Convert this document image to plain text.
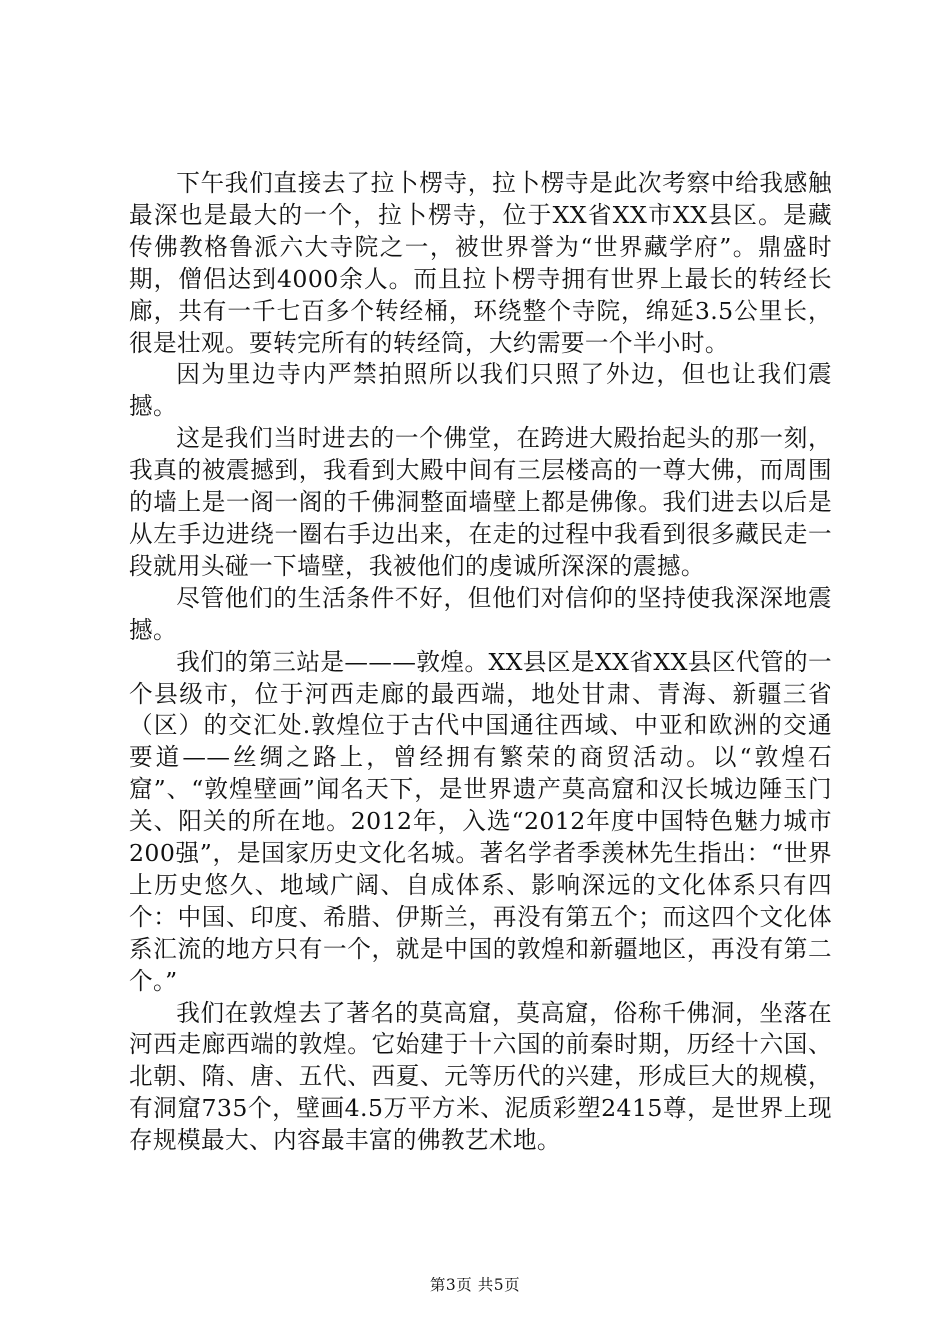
下午我们直接去了拉卜楞寺，拉卜楞寺是此次考察中给我感触最深也是最大的一个，拉卜楞寺，位于XX省XX市XX县区。是藏传佛教格鲁派六大寺院之一，被世界誉为“世界藏学府”。鼎盛时期，僧侣达到4000余人。而且拉卜楞寺拥有世界上最长的转经长廊，共有一千七百多个转经桶，环绕整个寺院，绵延3.5公里长，很是壮观。要转完所有的转经筒，大约需要一个半小时。

因为里边寺内严禁拍照所以我们只照了外边，但也让我们震撼。

这是我们当时进去的一个佛堂，在跨进大殿抬起头的那一刻，我真的被震撼到，我看到大殿中间有三层楼高的一尊大佛，而周围的墙上是一阁一阁的千佛洞整面墙壁上都是佛像。我们进去以后是从左手边进绕一圈右手边出来，在走的过程中我看到很多藏民走一段就用头碰一下墙壁，我被他们的虔诚所深深的震撼。

尽管他们的生活条件不好，但他们对信仰的坚持使我深深地震撼。

我们的第三站是———敦煌。XX县区是XX省XX县区代管的一个县级市，位于河西走廊的最西端，地处甘肃、青海、新疆三省（区）的交汇处.敦煌位于古代中国通往西域、中亚和欧洲的交通要道——丝绸之路上，曾经拥有繁荣的商贸活动。以“敦煌石窟”、“敦煌壁画”闻名天下，是世界遗产莫高窟和汉长城边陲玉门关、阳关的所在地。2012年，入选“2012年度中国特色魅力城市200强”，是国家历史文化名城。著名学者季羡林先生指出：“世界上历史悠久、地域广阔、自成体系、影响深远的文化体系只有四个：中国、印度、希腊、伊斯兰，再没有第五个；而这四个文化体系汇流的地方只有一个，就是中国的敦煌和新疆地区，再没有第二个。”

我们在敦煌去了著名的莫高窟，莫高窟，俗称千佛洞，坐落在河西走廊西端的敦煌。它始建于十六国的前秦时期，历经十六国、北朝、隋、唐、五代、西夏、元等历代的兴建，形成巨大的规模，有洞窟735个，壁画4.5万平方米、泥质彩塑2415尊，是世界上现存规模最大、内容最丰富的佛教艺术地。

第3页 共5页
